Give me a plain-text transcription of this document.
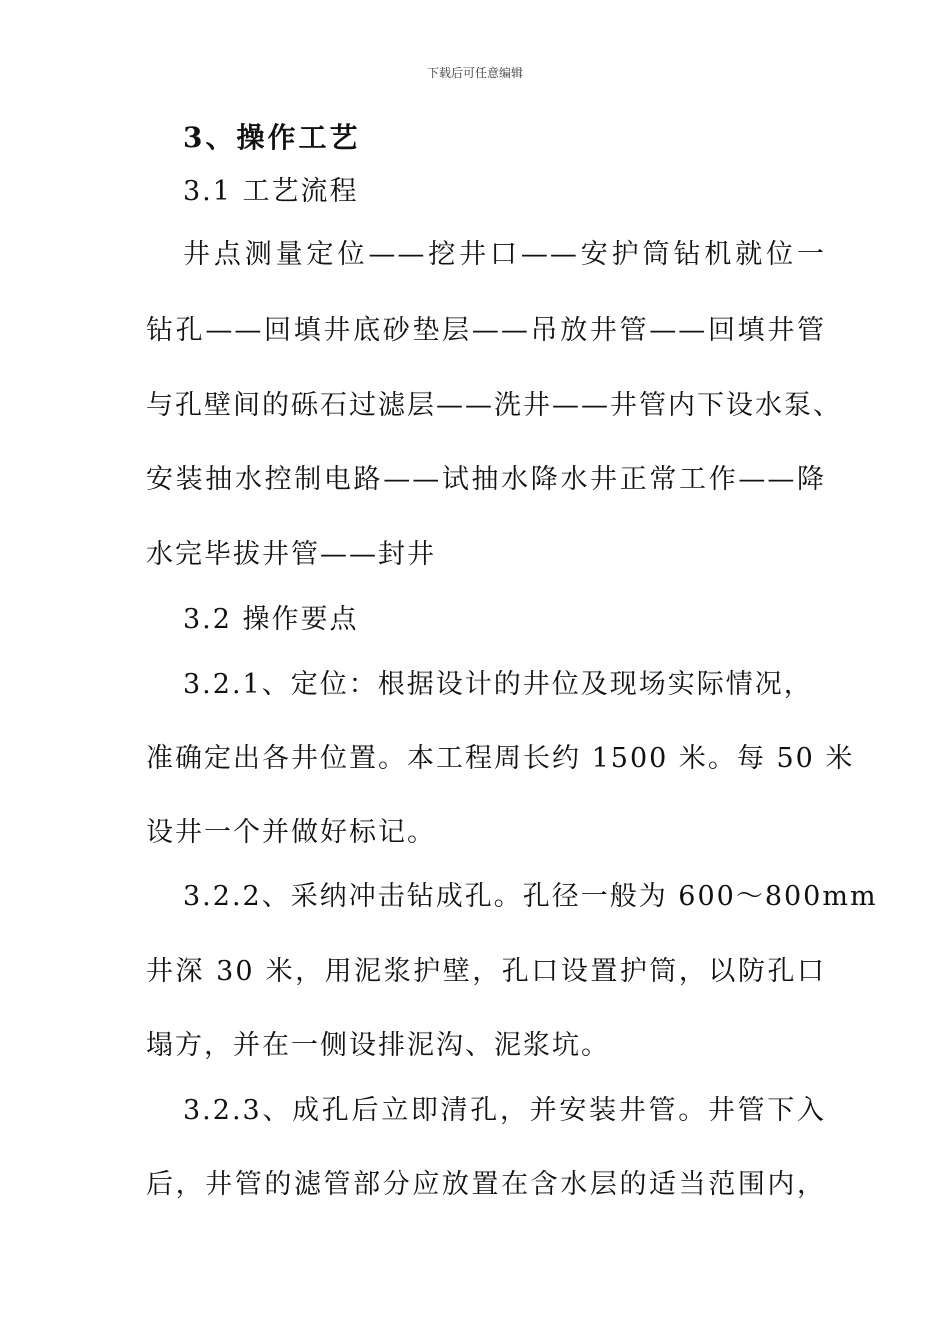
下载后可任意编辑
3、操作工艺
3.1 工艺流程
井点测量定位——挖井口——安护筒钻机就位一
钻孔——回填井底砂垫层——吊放井管——回填井管
与孔壁间的砾石过滤层——洗井——井管内下设水泵、
安装抽水控制电路——试抽水降水井正常工作——降
水完毕拔井管——封井
3.2 操作要点
3.2.1、定位：根据设计的井位及现场实际情况，
准确定出各井位置。本工程周长约 1500 米。每 50 米
设井一个并做好标记。
3.2.2、采纳冲击钻成孔。孔径一般为 600～800mm
井深 30 米，用泥浆护壁，孔口设置护筒，以防孔口
塌方，并在一侧设排泥沟、泥浆坑。
3.2.3、成孔后立即清孔，并安装井管。井管下入
后，井管的滤管部分应放置在含水层的适当范围内，
